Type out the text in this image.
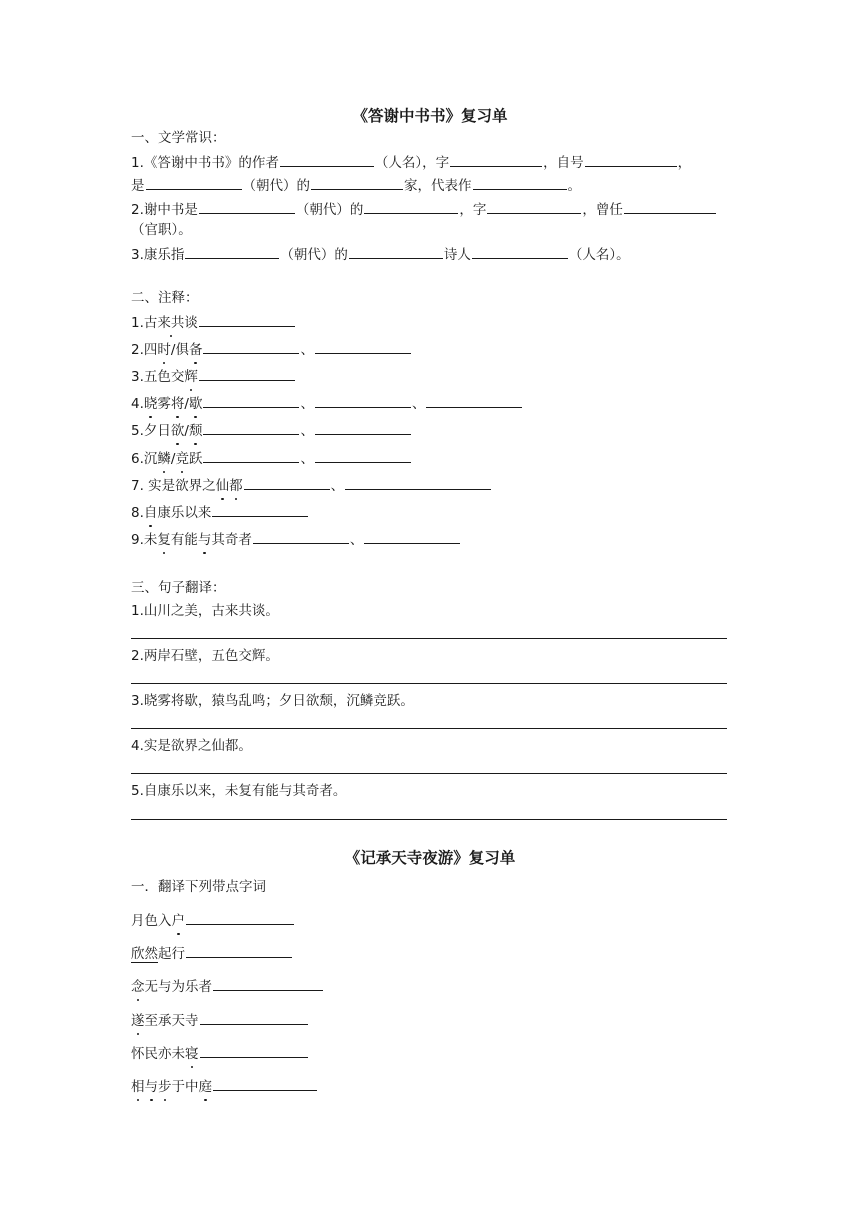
《答谢中书书》复习单
一、文学常识：
1.《答谢中书书》的作者	（人名），字	，自号	，
是	（朝代）的	家，代表作	。
2.谢中书是	（朝代）的	，字	，曾任
（官职）。
3.康乐指	（朝代）的	诗人	（人名）。
二、注释：
1.古来共谈
2.四时/俱备	、
3.五色交辉
4.晓雾将/歇	、	、
5.夕日欲/颓	、
6.沉鳞/竞跃	、
7. 实是欲界之仙都	、
8.自康乐以来
9.未复有能与其奇者	、
三、句子翻译：
1.山川之美，古来共谈。
2.两岸石壁，五色交辉。
3.晓雾将歇，猿鸟乱鸣；夕日欲颓，沉鳞竞跃。
4.实是欲界之仙都。
5.自康乐以来，未复有能与其奇者。
《记承天寺夜游》复习单
一．翻译下列带点字词
月色入户
欣然起行
念无与为乐者
遂至承天寺
怀民亦未寝
相与步于中庭
